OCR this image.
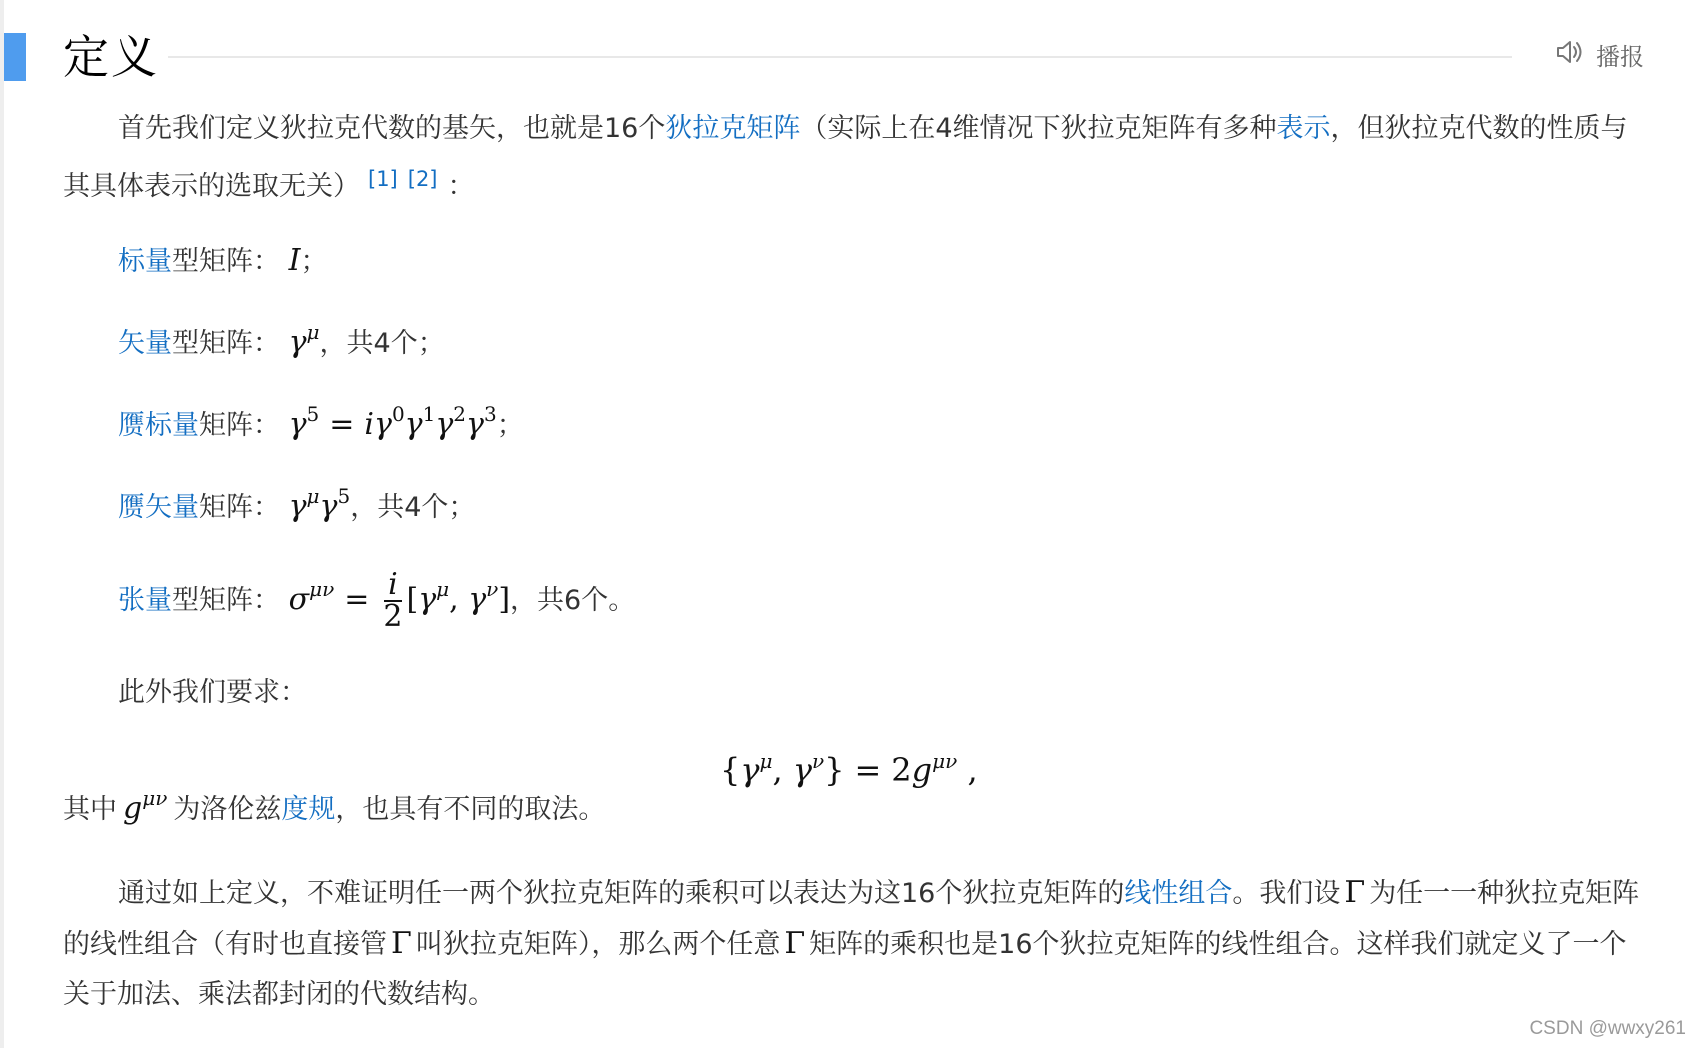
定义	播报
首先我们定义狄拉克代数的基矢，也就是16个狄拉克矩阵（实际上在4维情况下狄拉克矩阵有多种表示，但狄拉克代数的性质与其具体表示的选取无关） [1] [2] ：
标量型矩阵： I；
矢量型矩阵： $\gamma^\mu$，共4个；
赝标量矩阵： $\gamma^5 = i\gamma^0\gamma^1\gamma^2\gamma^3$；
赝矢量矩阵： $\gamma^\mu\gamma^5$，共4个；
张量型矩阵： $\sigma^{\mu\nu} = \frac{i}{2} [\gamma^\mu$, $\gamma^\nu$]，共6个。
此外我们要求：
{$\gamma^\mu$, $\gamma^\nu\} = 2g^{\mu\nu}$ ,
其中 $g^{\mu\nu}$ 为洛伦兹度规，也具有不同的取法。
通过如上定义，不难证明任一两个狄拉克矩阵的乘积可以表达为这16个狄拉克矩阵的线性组合。我们设 Γ 为任一一种狄拉克矩阵的线性组合（有时也直接管 Γ 叫狄拉克矩阵），那么两个任意 Γ 矩阵的乘积也是16个狄拉克矩阵的线性组合。这样我们就定义了一个关于加法、乘法都封闭的代数结构。
CSDN @wwxy261
